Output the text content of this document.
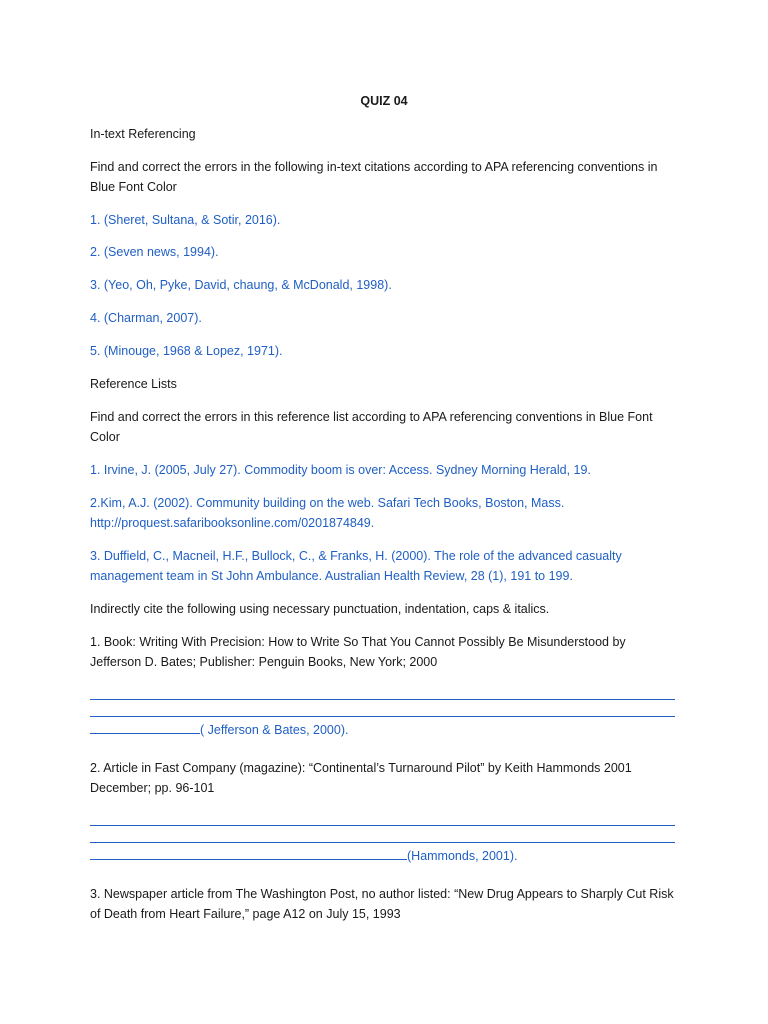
QUIZ 04
In-text Referencing
Find and correct the errors in the following in-text citations according to APA referencing conventions in Blue Font Color
1. (Sheret, Sultana, & Sotir, 2016).
2. (Seven news, 1994).
3. (Yeo, Oh, Pyke, David, chaung, & McDonald, 1998).
4. (Charman, 2007).
5. (Minouge, 1968 & Lopez, 1971).
Reference Lists
Find and correct the errors in this reference list according to APA referencing conventions in Blue Font Color
1. Irvine, J. (2005, July 27). Commodity boom is over: Access. Sydney Morning Herald, 19.
2.Kim, A.J. (2002). Community building on the web. Safari Tech Books, Boston, Mass. http://proquest.safaribooksonline.com/0201874849.
3. Duffield, C., Macneil, H.F., Bullock, C., & Franks, H. (2000). The role of the advanced casualty management team in St John Ambulance. Australian Health Review, 28 (1), 191 to 199.
Indirectly cite the following using necessary punctuation, indentation, caps & italics.
1. Book: Writing With Precision: How to Write So That You Cannot Possibly Be Misunderstood by Jefferson D. Bates; Publisher: Penguin Books, New York; 2000
( Jefferson & Bates, 2000).
2. Article in Fast Company (magazine): “Continental’s Turnaround Pilot” by Keith Hammonds 2001 December; pp. 96-101
(Hammonds, 2001).
3. Newspaper article from The Washington Post, no author listed: “New Drug Appears to Sharply Cut Risk of Death from Heart Failure,” page A12 on July 15, 1993
